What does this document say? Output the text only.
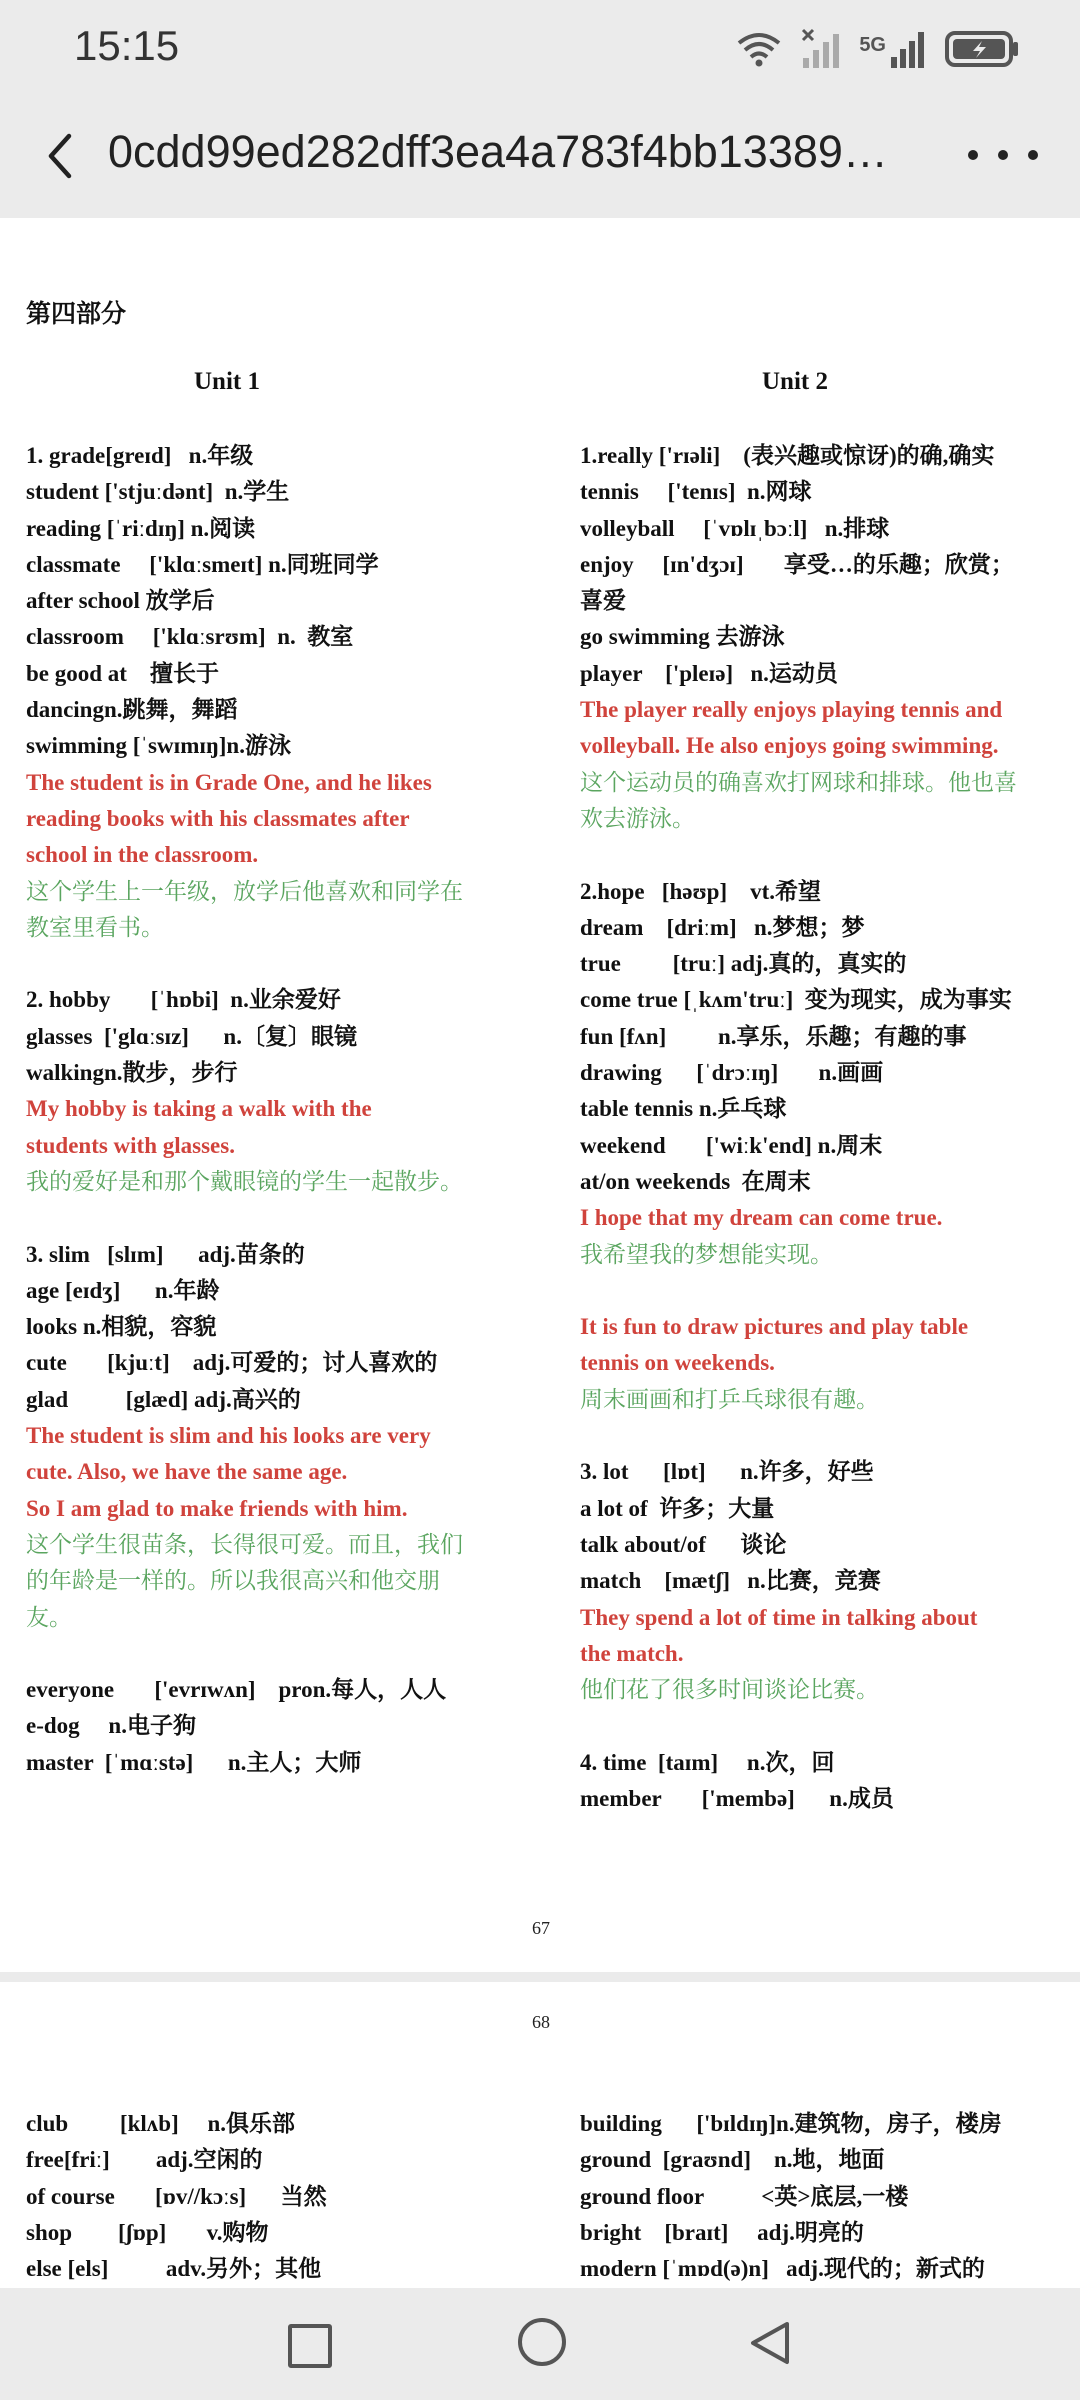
15:15	5G
0cdd99ed282dff3ea4a783f4bb13389…
第四部分
Unit 1	Unit 2
1. grade[greɪd]   n.年级
student ['stjuːdənt]  n.学生
reading [ˈriːdɪŋ] n.阅读
classmate     ['klɑːsmeɪt] n.同班同学
after school 放学后
classroom     ['klɑːsrʊm]  n.  教室
be good at    擅长于
dancingn.跳舞，舞蹈
swimming [ˈswɪmɪŋ]n.游泳
The student is in Grade One, and he likes
reading books with his classmates after
school in the classroom.
这个学生上一年级，放学后他喜欢和同学在
教室里看书。
2. hobby       [ˈhɒbi]  n.业余爱好
glasses  ['glɑːsɪz]      n.〔复〕眼镜
walkingn.散步，步行
My hobby is taking a walk with the
students with glasses.
我的爱好是和那个戴眼镜的学生一起散步。
3. slim   [slɪm]      adj.苗条的
age [eɪdʒ]      n.年龄
looks n.相貌，容貌
cute       [kjuːt]    adj.可爱的；讨人喜欢的
glad          [glæd] adj.高兴的
The student is slim and his looks are very
cute. Also, we have the same age.
So I am glad to make friends with him.
这个学生很苗条，长得很可爱。而且，我们
的年龄是一样的。所以我很高兴和他交朋
友。
everyone       ['evrɪwʌn]    pron.每人，人人
e-dog     n.电子狗
master  [ˈmɑːstə]      n.主人；大师
1.really ['rɪəli]    (表兴趣或惊讶)的确,确实
tennis     ['tenɪs]  n.网球
volleyball     [ˈvɒlɪˌbɔːl]   n.排球
enjoy     [ɪn'dʒɔɪ]       享受…的乐趣；欣赏；
喜爱
go swimming 去游泳
player    ['pleɪə]   n.运动员
The player really enjoys playing tennis and
volleyball. He also enjoys going swimming.
这个运动员的确喜欢打网球和排球。他也喜
欢去游泳。
2.hope   [həʊp]    vt.希望
dream    [driːm]   n.梦想；梦
true         [truː] adj.真的，真实的
come true [ˌkʌm'truː]  变为现实，成为事实
fun [fʌn]         n.享乐，乐趣；有趣的事
drawing      [ˈdrɔːɪŋ]       n.画画
table tennis n.乒乓球
weekend       ['wiːk'end] n.周末
at/on weekends  在周末
I hope that my dream can come true.
我希望我的梦想能实现。
It is fun to draw pictures and play table
tennis on weekends.
周末画画和打乒乓球很有趣。
3. lot      [lɒt]      n.许多，好些
a lot of  许多；大量
talk about/of      谈论
match    [mætʃ]   n.比赛，竞赛
They spend a lot of time in talking about
the match.
他们花了很多时间谈论比赛。
4. time  [taɪm]     n.次，回
member       ['membə]      n.成员
67
68
club         [klʌb]     n.俱乐部
free[friː]        adj.空闲的
of course       [ɒv//kɔːs]      当然
shop        [ʃɒp]       v.购物
else [els]          adv.另外；其他
building      ['bɪldɪŋ]n.建筑物，房子，楼房
ground  [graʊnd]    n.地，地面
ground floor          <英>底层,一楼
bright    [braɪt]     adj.明亮的
modern [ˈmɒd(ə)n]   adj.现代的；新式的
